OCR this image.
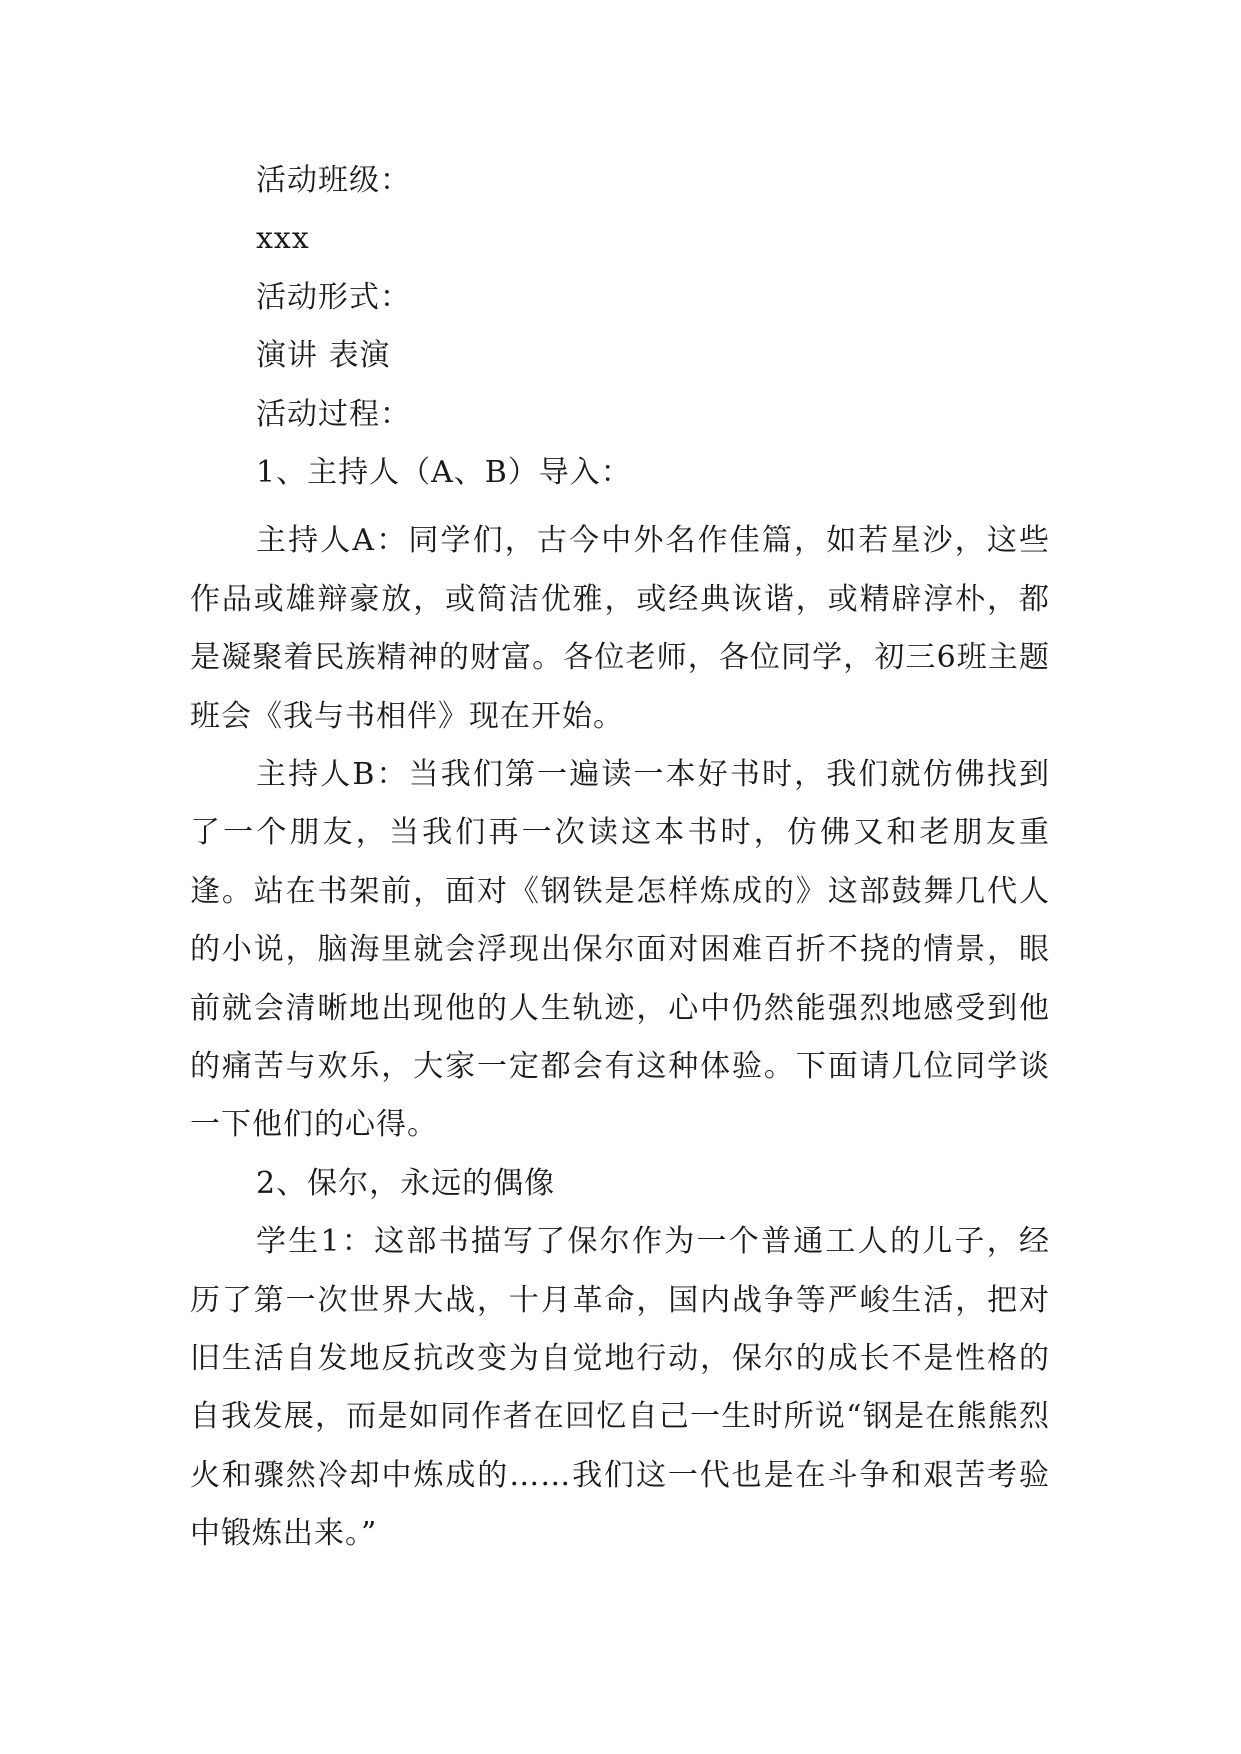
活动班级：
xxx
活动形式：
演讲 表演
活动过程：
1、主持人（A、B）导入：

主持人A：同学们，古今中外名作佳篇，如若星沙，这些作品或雄辩豪放，或简洁优雅，或经典诙谐，或精辟淳朴，都是凝聚着民族精神的财富。各位老师，各位同学，初三6班主题班会《我与书相伴》现在开始。

主持人B：当我们第一遍读一本好书时，我们就仿佛找到了一个朋友，当我们再一次读这本书时，仿佛又和老朋友重逢。站在书架前，面对《钢铁是怎样炼成的》这部鼓舞几代人的小说，脑海里就会浮现出保尔面对困难百折不挠的情景，眼前就会清晰地出现他的人生轨迹，心中仍然能强烈地感受到他的痛苦与欢乐，大家一定都会有这种体验。下面请几位同学谈一下他们的心得。

2、保尔，永远的偶像

学生1：这部书描写了保尔作为一个普通工人的儿子，经历了第一次世界大战，十月革命，国内战争等严峻生活，把对旧生活自发地反抗改变为自觉地行动，保尔的成长不是性格的自我发展，而是如同作者在回忆自己一生时所说“钢是在熊熊烈火和骤然冷却中炼成的……我们这一代也是在斗争和艰苦考验中锻炼出来。”
